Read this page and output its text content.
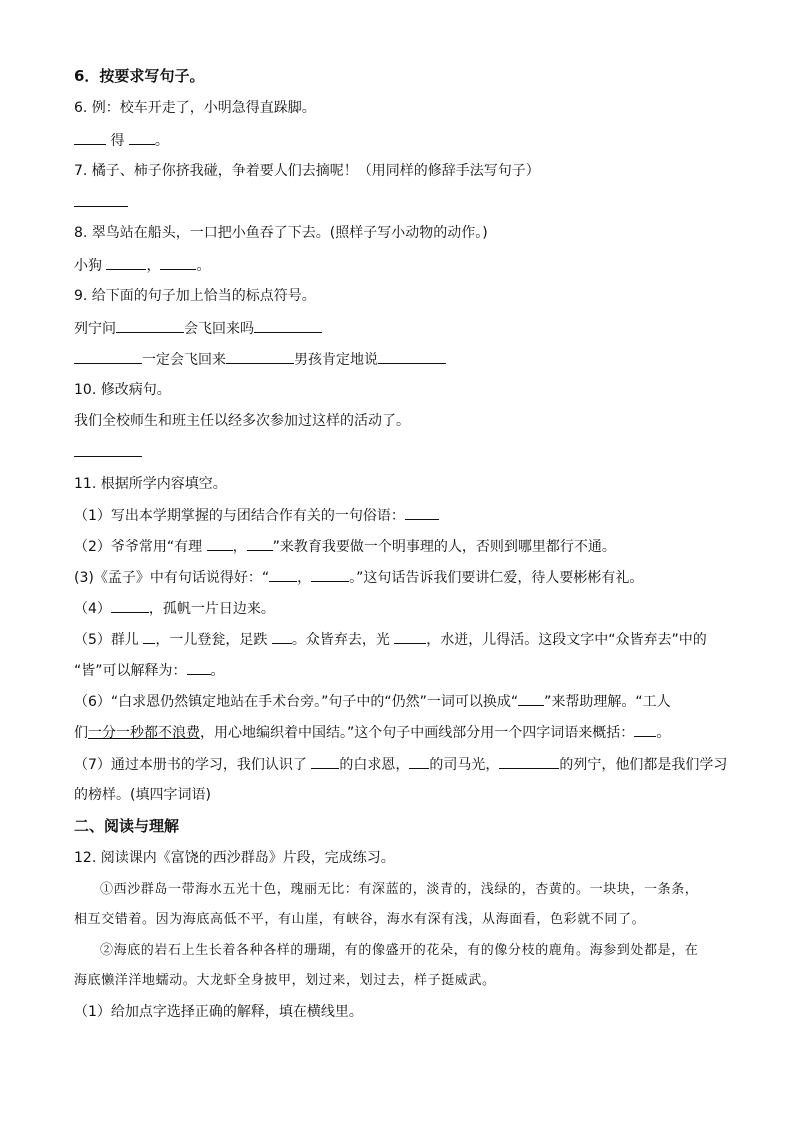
6．按要求写句子。
6. 例：校车开走了，小明急得直跺脚。
得 。
7. 橘子、柿子你挤我碰，争着要人们去摘呢！（用同样的修辞手法写句子）
8. 翠鸟站在船头，一口把小鱼吞了下去。(照样子写小动物的动作。)
小狗	，	。
9. 给下面的句子加上恰当的标点符号。
列宁问	会飞回来吗
一定会飞回来	男孩肯定地说
10. 修改病句。
我们全校师生和班主任以经多次参加过这样的活动了。
11. 根据所学内容填空。
（1）写出本学期掌握的与团结合作有关的一句俗语：
（2）爷爷常用“有理 ， ”来教育我要做一个明事理的人，否则到哪里都行不通。
(3)《孟子》中有句话说得好：“ ，	。”这句话告诉我们要讲仁爱，待人要彬彬有礼。
（4）	，孤帆一片日边来。
（5）群儿 ，一儿登瓮，足跌 。众皆弃去，光	，水迸，儿得活。这段文字中“众皆弃去”中的
“皆”可以解释为： 。
（6）“白求恩仍然镇定地站在手术台旁。”句子中的“仍然”一词可以换成“ ”来帮助理解。“工人
们一分一秒都不浪费，用心地编织着中国结。”这个句子中画线部分用一个四字词语来概括： 。
（7）通过本册书的学习，我们认识了 的白求恩， 的司马光，	的列宁，他们都是我们学习
的榜样。(填四字词语)
二、阅读与理解
12. 阅读课内《富饶的西沙群岛》片段，完成练习。
①西沙群岛一带海水五光十色，瑰丽无比：有深蓝的，淡青的，浅绿的，杏黄的。一块块，一条条，
相互交错着。因为海底高低不平，有山崖，有峡谷，海水有深有浅，从海面看，色彩就不同了。
②海底的岩石上生长着各种各样的珊瑚，有的像盛开的花朵，有的像分枝的鹿角。海参到处都是，在
海底懒洋洋地蠕动。大龙虾全身披甲，划过来，划过去，样子挺威武。
（1）给加点字选择正确的解释，填在横线里。
